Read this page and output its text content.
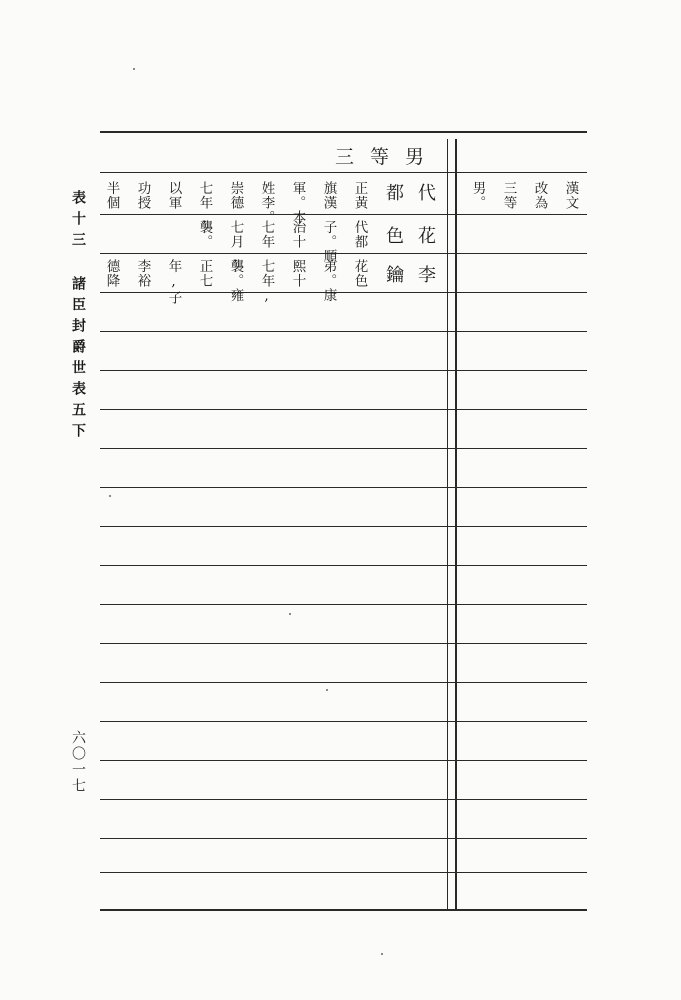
表十三 諸臣封爵世表五下
六〇一七
三等男
都 代
色 花
鑰 李
正黃
旗漢
軍。本
姓李。
崇德
七年,
以軍
功授
半個
代都
子。順
治十
七年
七月,
襲。
花色
弟。康
熙十
七年,
襲。雍
正七
年,子
李裕
德降
漢文
改為
三等
男。
